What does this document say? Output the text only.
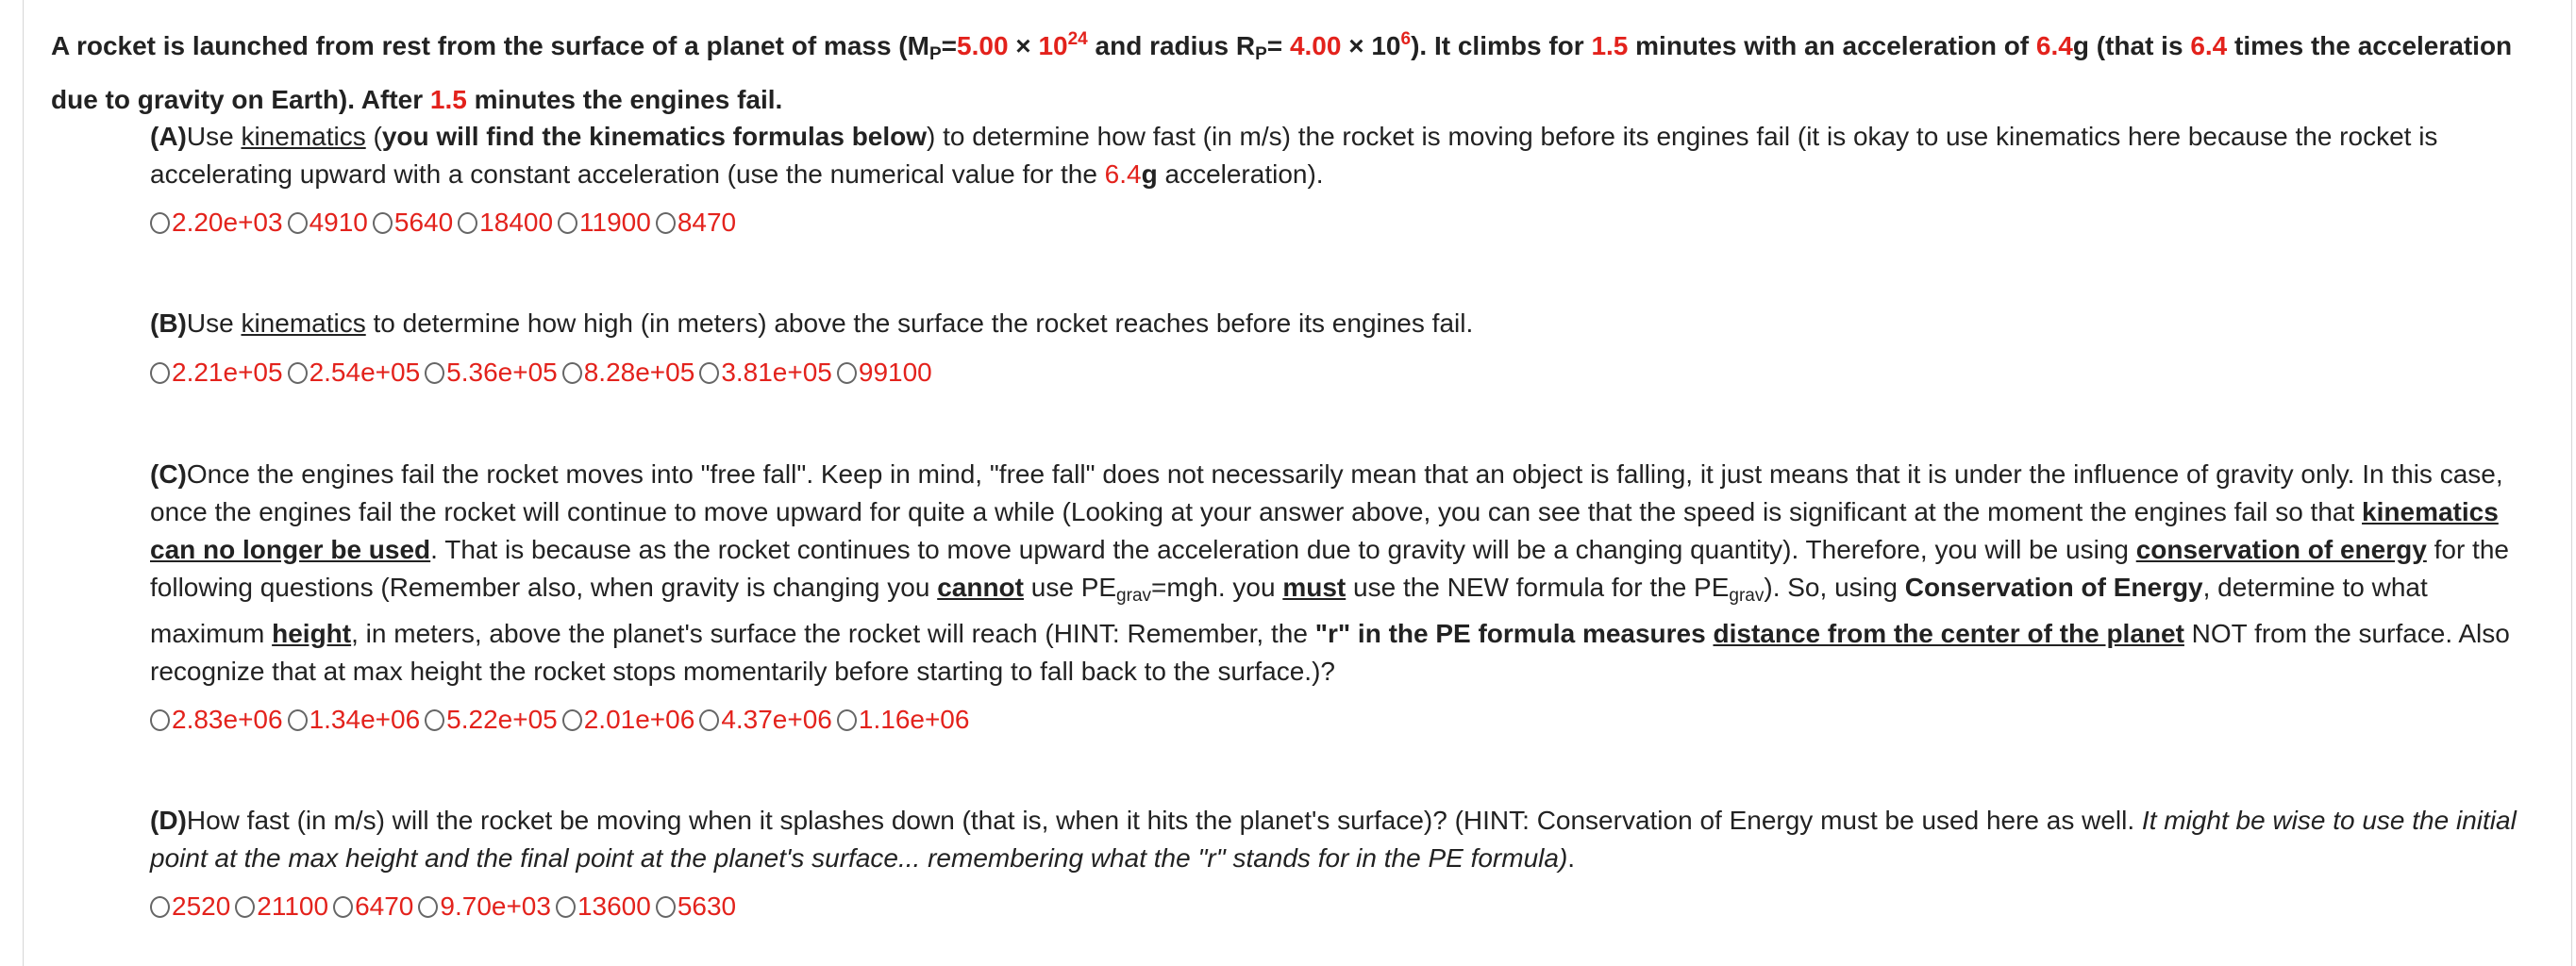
A rocket is launched from rest from the surface of a planet of mass ($M_P=5.00 \times 10^{24}$ and radius $R_P= 4.00 \times 10^6$). It climbs for 1.5 minutes with an acceleration of 6.4g (that is 6.4 times the acceleration due to gravity on Earth). After 1.5 minutes the engines fail.
(A)Use kinematics (you will find the kinematics formulas below) to determine how fast (in m/s) the rocket is moving before its engines fail (it is okay to use kinematics here because the rocket is accelerating upward with a constant acceleration (use the numerical value for the 6.4g acceleration).
2.20e+03 4910 5640 18400 11900 8470
(B)Use kinematics to determine how high (in meters) above the surface the rocket reaches before its engines fail.
2.21e+05 2.54e+05 5.36e+05 8.28e+05 3.81e+05 99100
(C)Once the engines fail the rocket moves into "free fall". Keep in mind, "free fall" does not necessarily mean that an object is falling, it just means that it is under the influence of gravity only. In this case, once the engines fail the rocket will continue to move upward for quite a while (Looking at your answer above, you can see that the speed is significant at the moment the engines fail so that kinematics can no longer be used. That is because as the rocket continues to move upward the acceleration due to gravity will be a changing quantity). Therefore, you will be using conservation of energy for the following questions (Remember also, when gravity is changing you cannot use $PE_{grav}=mgh$. you must use the NEW formula for the $PE_{grav}$). So, using Conservation of Energy, determine to what maximum height, in meters, above the planet's surface the rocket will reach (HINT: Remember, the "r" in the PE formula measures distance from the center of the planet NOT from the surface. Also recognize that at max height the rocket stops momentarily before starting to fall back to the surface.)?
2.83e+06 1.34e+06 5.22e+05 2.01e+06 4.37e+06 1.16e+06
(D)How fast (in m/s) will the rocket be moving when it splashes down (that is, when it hits the planet's surface)? (HINT: Conservation of Energy must be used here as well. It might be wise to use the initial point at the max height and the final point at the planet's surface... remembering what the "r" stands for in the PE formula).
2520 21100 6470 9.70e+03 13600 5630
